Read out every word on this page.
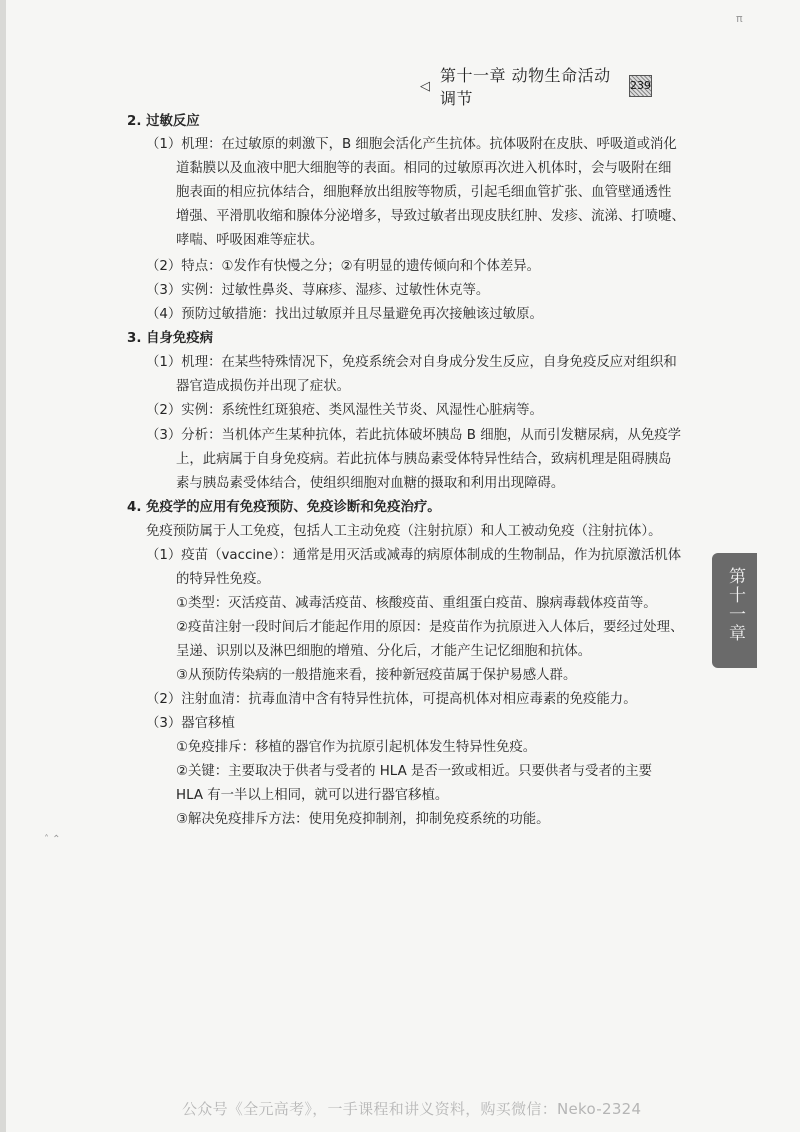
π
◁
第十一章 动物生命活动调节
239
2. 过敏反应
（1）机理：在过敏原的刺激下，B 细胞会活化产生抗体。抗体吸附在皮肤、呼吸道或消化
道黏膜以及血液中肥大细胞等的表面。相同的过敏原再次进入机体时，会与吸附在细
胞表面的相应抗体结合，细胞释放出组胺等物质，引起毛细血管扩张、血管壁通透性
增强、平滑肌收缩和腺体分泌增多，导致过敏者出现皮肤红肿、发疹、流涕、打喷嚏、
哮喘、呼吸困难等症状。
（2）特点：①发作有快慢之分；②有明显的遗传倾向和个体差异。
（3）实例：过敏性鼻炎、荨麻疹、湿疹、过敏性休克等。
（4）预防过敏措施：找出过敏原并且尽量避免再次接触该过敏原。
3. 自身免疫病
（1）机理：在某些特殊情况下，免疫系统会对自身成分发生反应，自身免疫反应对组织和
器官造成损伤并出现了症状。
（2）实例：系统性红斑狼疮、类风湿性关节炎、风湿性心脏病等。
（3）分析：当机体产生某种抗体，若此抗体破坏胰岛 B 细胞，从而引发糖尿病，从免疫学
上，此病属于自身免疫病。若此抗体与胰岛素受体特异性结合，致病机理是阻碍胰岛
素与胰岛素受体结合，使组织细胞对血糖的摄取和利用出现障碍。
4. 免疫学的应用有免疫预防、免疫诊断和免疫治疗。
免疫预防属于人工免疫，包括人工主动免疫（注射抗原）和人工被动免疫（注射抗体）。
（1）疫苗（vaccine）：通常是用灭活或减毒的病原体制成的生物制品，作为抗原激活机体
的特异性免疫。
①类型：灭活疫苗、减毒活疫苗、核酸疫苗、重组蛋白疫苗、腺病毒载体疫苗等。
②疫苗注射一段时间后才能起作用的原因：是疫苗作为抗原进入人体后，要经过处理、
呈递、识别以及淋巴细胞的增殖、分化后，才能产生记忆细胞和抗体。
③从预防传染病的一般措施来看，接种新冠疫苗属于保护易感人群。
（2）注射血清：抗毒血清中含有特异性抗体，可提高机体对相应毒素的免疫能力。
（3）器官移植
①免疫排斥：移植的器官作为抗原引起机体发生特异性免疫。
②关键：主要取决于供者与受者的 HLA 是否一致或相近。只要供者与受者的主要
HLA 有一半以上相同，就可以进行器官移植。
③解决免疫排斥方法：使用免疫抑制剂，抑制免疫系统的功能。
第十一章
˄ ⌃
公众号《全元高考》，一手课程和讲义资料，购买微信：Neko-2324
